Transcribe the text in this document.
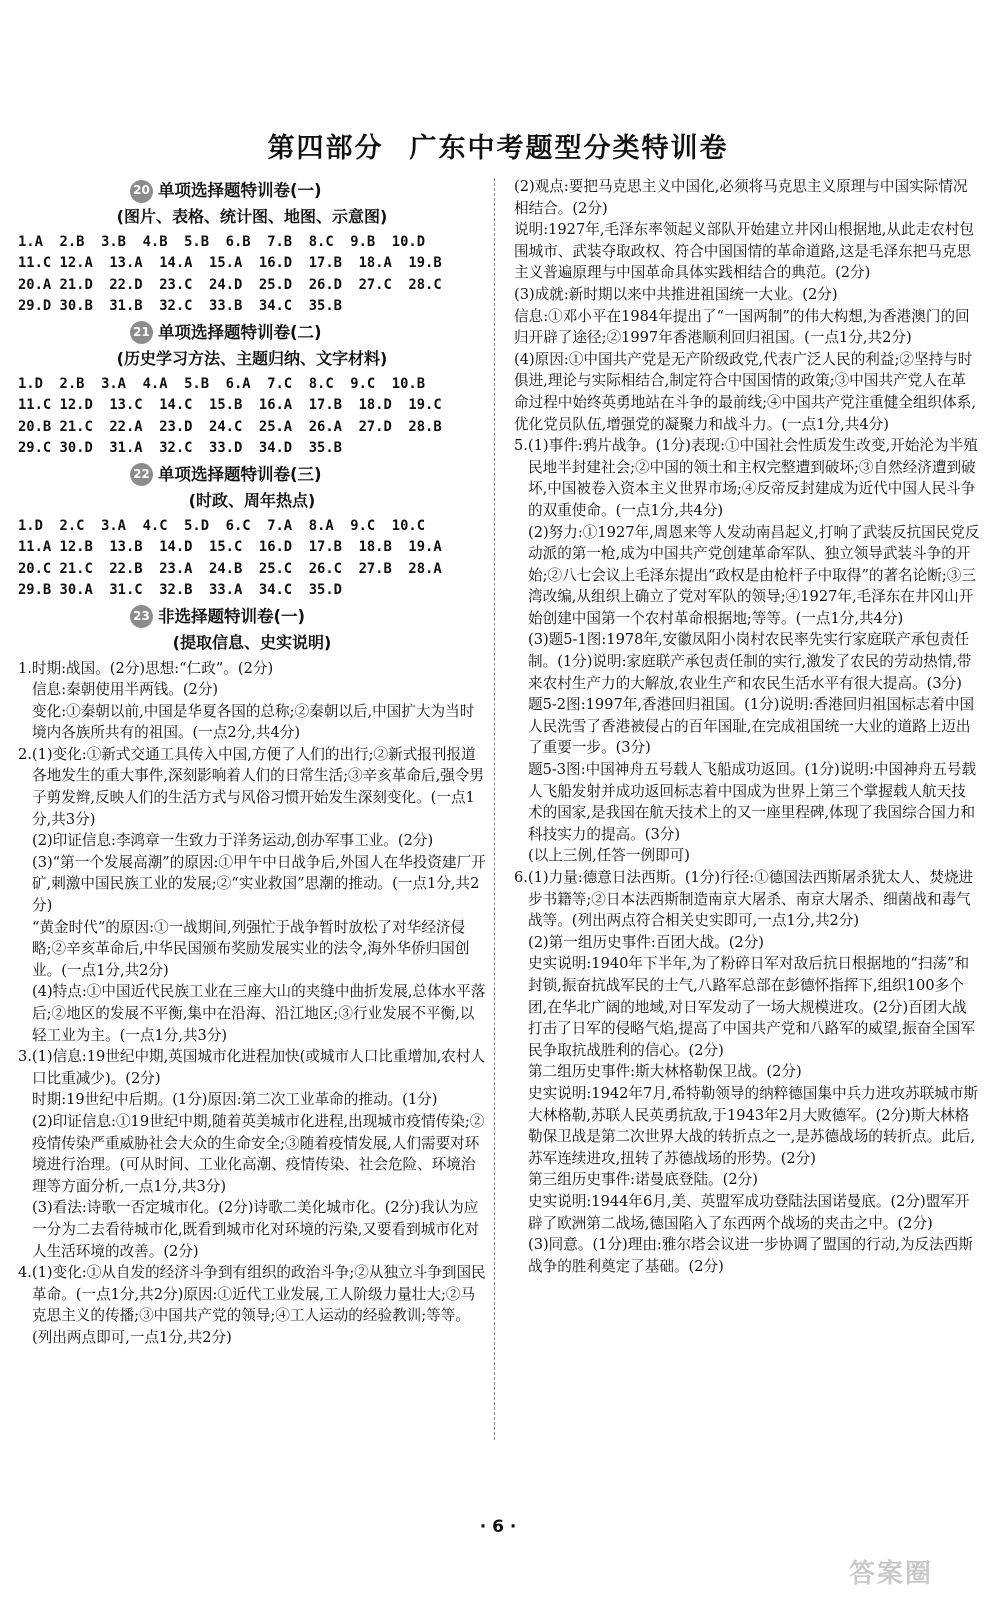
第四部分 广东中考题型分类特训卷
20 单项选择题特训卷(一)
(图片、表格、统计图、地图、示意图)
1.A  2.B  3.B  4.B  5.B  6.B  7.B  8.C  9.B  10.D
11.C 12.A  13.A  14.A  15.A  16.D  17.B  18.A  19.B
20.A 21.D  22.D  23.C  24.D  25.D  26.D  27.C  28.C
29.D 30.B  31.B  32.C  33.B  34.C  35.B
21 单项选择题特训卷(二)
(历史学习方法、主题归纳、文字材料)
1.D  2.B  3.A  4.A  5.B  6.A  7.C  8.C  9.C  10.B
11.C 12.D  13.C  14.C  15.B  16.A  17.B  18.D  19.C
20.B 21.C  22.A  23.D  24.C  25.A  26.A  27.D  28.B
29.C 30.D  31.A  32.C  33.D  34.D  35.B
22 单项选择题特训卷(三)
(时政、周年热点)
1.D  2.C  3.A  4.C  5.D  6.C  7.A  8.A  9.C  10.C
11.A 12.B  13.B  14.D  15.C  16.D  17.B  18.B  19.A
20.C 21.C  22.B  23.A  24.B  25.C  26.C  27.B  28.A
29.B 30.A  31.C  32.B  33.A  34.C  35.D
23 非选择题特训卷(一)
(提取信息、史实说明)

1.时期:战国。(2分)思想:“仁政”。(2分)

信息:秦朝使用半两钱。(2分)

变化:①秦朝以前,中国是华夏各国的总称;②秦朝以后,中国扩大为当时境内各族所共有的祖国。(一点2分,共4分)

2.(1)变化:①新式交通工具传入中国,方便了人们的出行;②新式报刊报道各地发生的重大事件,深刻影响着人们的日常生活;③辛亥革命后,强令男子剪发辫,反映人们的生活方式与风俗习惯开始发生深刻变化。(一点1分,共3分)

(2)印证信息:李鸿章一生致力于洋务运动,创办军事工业。(2分)

(3)“第一个发展高潮”的原因:①甲午中日战争后,外国人在华投资建厂开矿,刺激中国民族工业的发展;②“实业救国”思潮的推动。(一点1分,共2分)

“黄金时代”的原因:①一战期间,列强忙于战争暂时放松了对华经济侵略;②辛亥革命后,中华民国颁布奖励发展实业的法令,海外华侨归国创业。(一点1分,共2分)

(4)特点:①中国近代民族工业在三座大山的夹缝中曲折发展,总体水平落后;②地区的发展不平衡,集中在沿海、沿江地区;③行业发展不平衡,以轻工业为主。(一点1分,共3分)

3.(1)信息:19世纪中期,英国城市化进程加快(或城市人口比重增加,农村人口比重减少)。(2分)

时期:19世纪中后期。(1分)原因:第二次工业革命的推动。(1分)

(2)印证信息:①19世纪中期,随着英美城市化进程,出现城市疫情传染;②疫情传染严重威胁社会大众的生命安全;③随着疫情发展,人们需要对环境进行治理。(可从时间、工业化高潮、疫情传染、社会危险、环境治理等方面分析,一点1分,共3分)

(3)看法:诗歌一否定城市化。(2分)诗歌二美化城市化。(2分)我认为应一分为二去看待城市化,既看到城市化对环境的污染,又要看到城市化对人生活环境的改善。(2分)

4.(1)变化:①从自发的经济斗争到有组织的政治斗争;②从独立斗争到国民革命。(一点1分,共2分)原因:①近代工业发展,工人阶级力量壮大;②马克思主义的传播;③中国共产党的领导;④工人运动的经验教训;等等。(列出两点即可,一点1分,共2分)

(2)观点:要把马克思主义中国化,必须将马克思主义原理与中国实际情况相结合。(2分)

说明:1927年,毛泽东率领起义部队开始建立井冈山根据地,从此走农村包围城市、武装夺取政权、符合中国国情的革命道路,这是毛泽东把马克思主义普遍原理与中国革命具体实践相结合的典范。(2分)

(3)成就:新时期以来中共推进祖国统一大业。(2分)

信息:①邓小平在1984年提出了“一国两制”的伟大构想,为香港澳门的回归开辟了途径;②1997年香港顺利回归祖国。(一点1分,共2分)

(4)原因:①中国共产党是无产阶级政党,代表广泛人民的利益;②坚持与时俱进,理论与实际相结合,制定符合中国国情的政策;③中国共产党人在革命过程中始终英勇地站在斗争的最前线;④中国共产党注重健全组织体系,优化党员队伍,增强党的凝聚力和战斗力。(一点1分,共4分)

5.(1)事件:鸦片战争。(1分)表现:①中国社会性质发生改变,开始沦为半殖民地半封建社会;②中国的领土和主权完整遭到破坏;③自然经济遭到破坏,中国被卷入资本主义世界市场;④反帝反封建成为近代中国人民斗争的双重使命。(一点1分,共4分)

(2)努力:①1927年,周恩来等人发动南昌起义,打响了武装反抗国民党反动派的第一枪,成为中国共产党创建革命军队、独立领导武装斗争的开始;②八七会议上毛泽东提出“政权是由枪杆子中取得”的著名论断;③三湾改编,从组织上确立了党对军队的领导;④1927年,毛泽东在井冈山开始创建中国第一个农村革命根据地;等等。(一点1分,共4分)

(3)题5-1图:1978年,安徽凤阳小岗村农民率先实行家庭联产承包责任制。(1分)说明:家庭联产承包责任制的实行,激发了农民的劳动热情,带来农村生产力的大解放,农业生产和农民生活水平有很大提高。(3分)

题5-2图:1997年,香港回归祖国。(1分)说明:香港回归祖国标志着中国人民洗雪了香港被侵占的百年国耻,在完成祖国统一大业的道路上迈出了重要一步。(3分)

题5-3图:中国神舟五号载人飞船成功返回。(1分)说明:中国神舟五号载人飞船发射并成功返回标志着中国成为世界上第三个掌握载人航天技术的国家,是我国在航天技术上的又一座里程碑,体现了我国综合国力和科技实力的提高。(3分)

(以上三例,任答一例即可)

6.(1)力量:德意日法西斯。(1分)行径:①德国法西斯屠杀犹太人、焚烧进步书籍等;②日本法西斯制造南京大屠杀、南京大屠杀、细菌战和毒气战等。(列出两点符合相关史实即可,一点1分,共2分)

(2)第一组历史事件:百团大战。(2分)

史实说明:1940年下半年,为了粉碎日军对敌后抗日根据地的“扫荡”和封锁,振奋抗战军民的士气,八路军总部在彭德怀指挥下,组织100多个团,在华北广阔的地域,对日军发动了一场大规模进攻。(2分)百团大战打击了日军的侵略气焰,提高了中国共产党和八路军的威望,振奋全国军民争取抗战胜利的信心。(2分)

第二组历史事件:斯大林格勒保卫战。(2分)

史实说明:1942年7月,希特勒领导的纳粹德国集中兵力进攻苏联城市斯大林格勒,苏联人民英勇抗敌,于1943年2月大败德军。(2分)斯大林格勒保卫战是第二次世界大战的转折点之一,是苏德战场的转折点。此后,苏军连续进攻,扭转了苏德战场的形势。(2分)

第三组历史事件:诺曼底登陆。(2分)

史实说明:1944年6月,美、英盟军成功登陆法国诺曼底。(2分)盟军开辟了欧洲第二战场,德国陷入了东西两个战场的夹击之中。(2分)

(3)同意。(1分)理由:雅尔塔会议进一步协调了盟国的行动,为反法西斯战争的胜利奠定了基础。(2分)

· 6 ·
答案圈
